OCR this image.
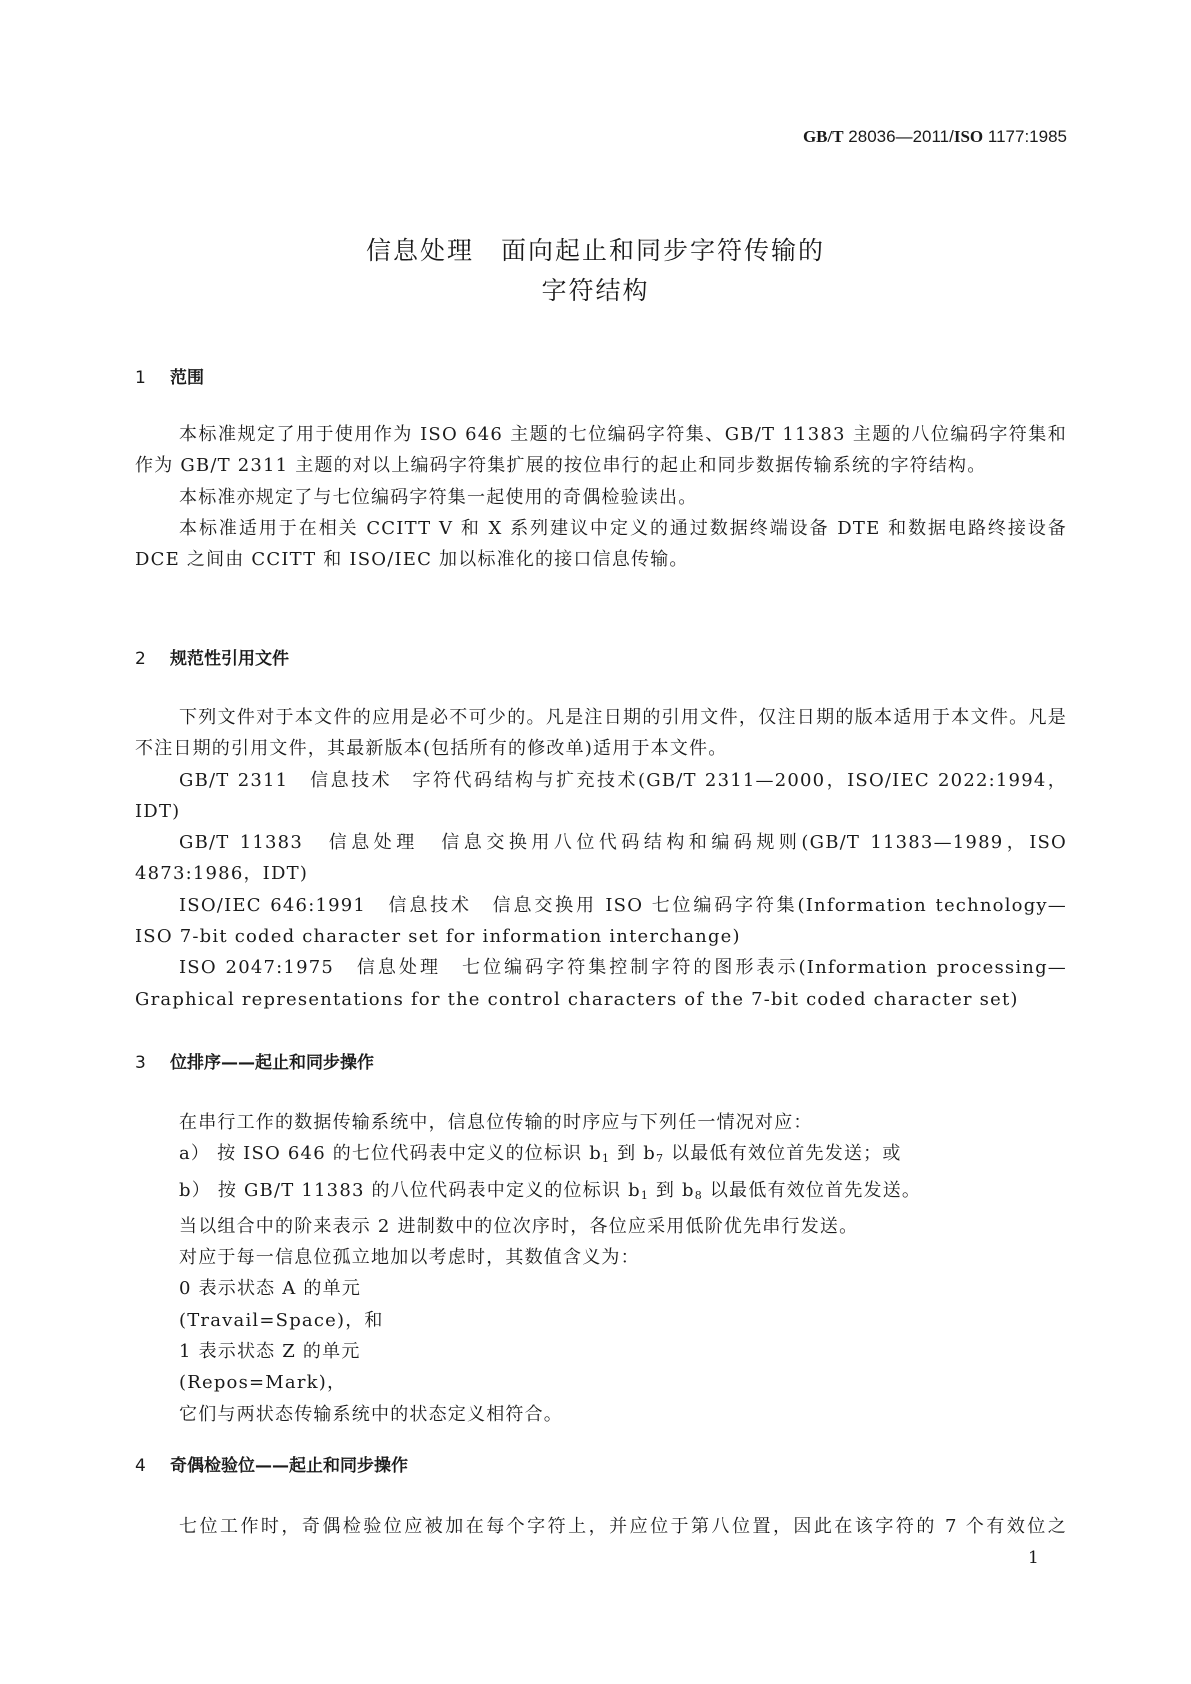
GB/T 28036—2011/ISO 1177:1985
信息处理　面向起止和同步字符传输的
字符结构
1 范围

本标准规定了用于使用作为 ISO 646 主题的七位编码字符集、GB/T 11383 主题的八位编码字符集和作为 GB/T 2311 主题的对以上编码字符集扩展的按位串行的起止和同步数据传输系统的字符结构。

本标准亦规定了与七位编码字符集一起使用的奇偶检验读出。

本标准适用于在相关 CCITT V 和 X 系列建议中定义的通过数据终端设备 DTE 和数据电路终接设备 DCE 之间由 CCITT 和 ISO/IEC 加以标准化的接口信息传输。

2 规范性引用文件

下列文件对于本文件的应用是必不可少的。凡是注日期的引用文件，仅注日期的版本适用于本文件。凡是不注日期的引用文件，其最新版本(包括所有的修改单)适用于本文件。

GB/T 2311　信息技术　字符代码结构与扩充技术(GB/T 2311—2000，ISO/IEC 2022:1994，IDT)

GB/T 11383　信息处理　信息交换用八位代码结构和编码规则(GB/T 11383—1989，ISO 4873:1986，IDT)

ISO/IEC 646:1991　信息技术　信息交换用 ISO 七位编码字符集(Information technology—ISO 7-bit coded character set for information interchange)

ISO 2047:1975　信息处理　七位编码字符集控制字符的图形表示(Information processing—Graphical representations for the control characters of the 7-bit coded character set)

3 位排序——起止和同步操作

在串行工作的数据传输系统中，信息位传输的时序应与下列任一情况对应：

a） 按 ISO 646 的七位代码表中定义的位标识 $b_1$ 到 $b_7$ 以最低有效位首先发送；或

b） 按 GB/T 11383 的八位代码表中定义的位标识 $b_1$ 到 $b_8$ 以最低有效位首先发送。

当以组合中的阶来表示 2 进制数中的位次序时，各位应采用低阶优先串行发送。

对应于每一信息位孤立地加以考虑时，其数值含义为：

0 表示状态 A 的单元

(Travail=Space)，和

1 表示状态 Z 的单元

(Repos=Mark)，

它们与两状态传输系统中的状态定义相符合。

4 奇偶检验位——起止和同步操作

七位工作时，奇偶检验位应被加在每个字符上，并应位于第八位置，因此在该字符的 7 个有效位之

1
